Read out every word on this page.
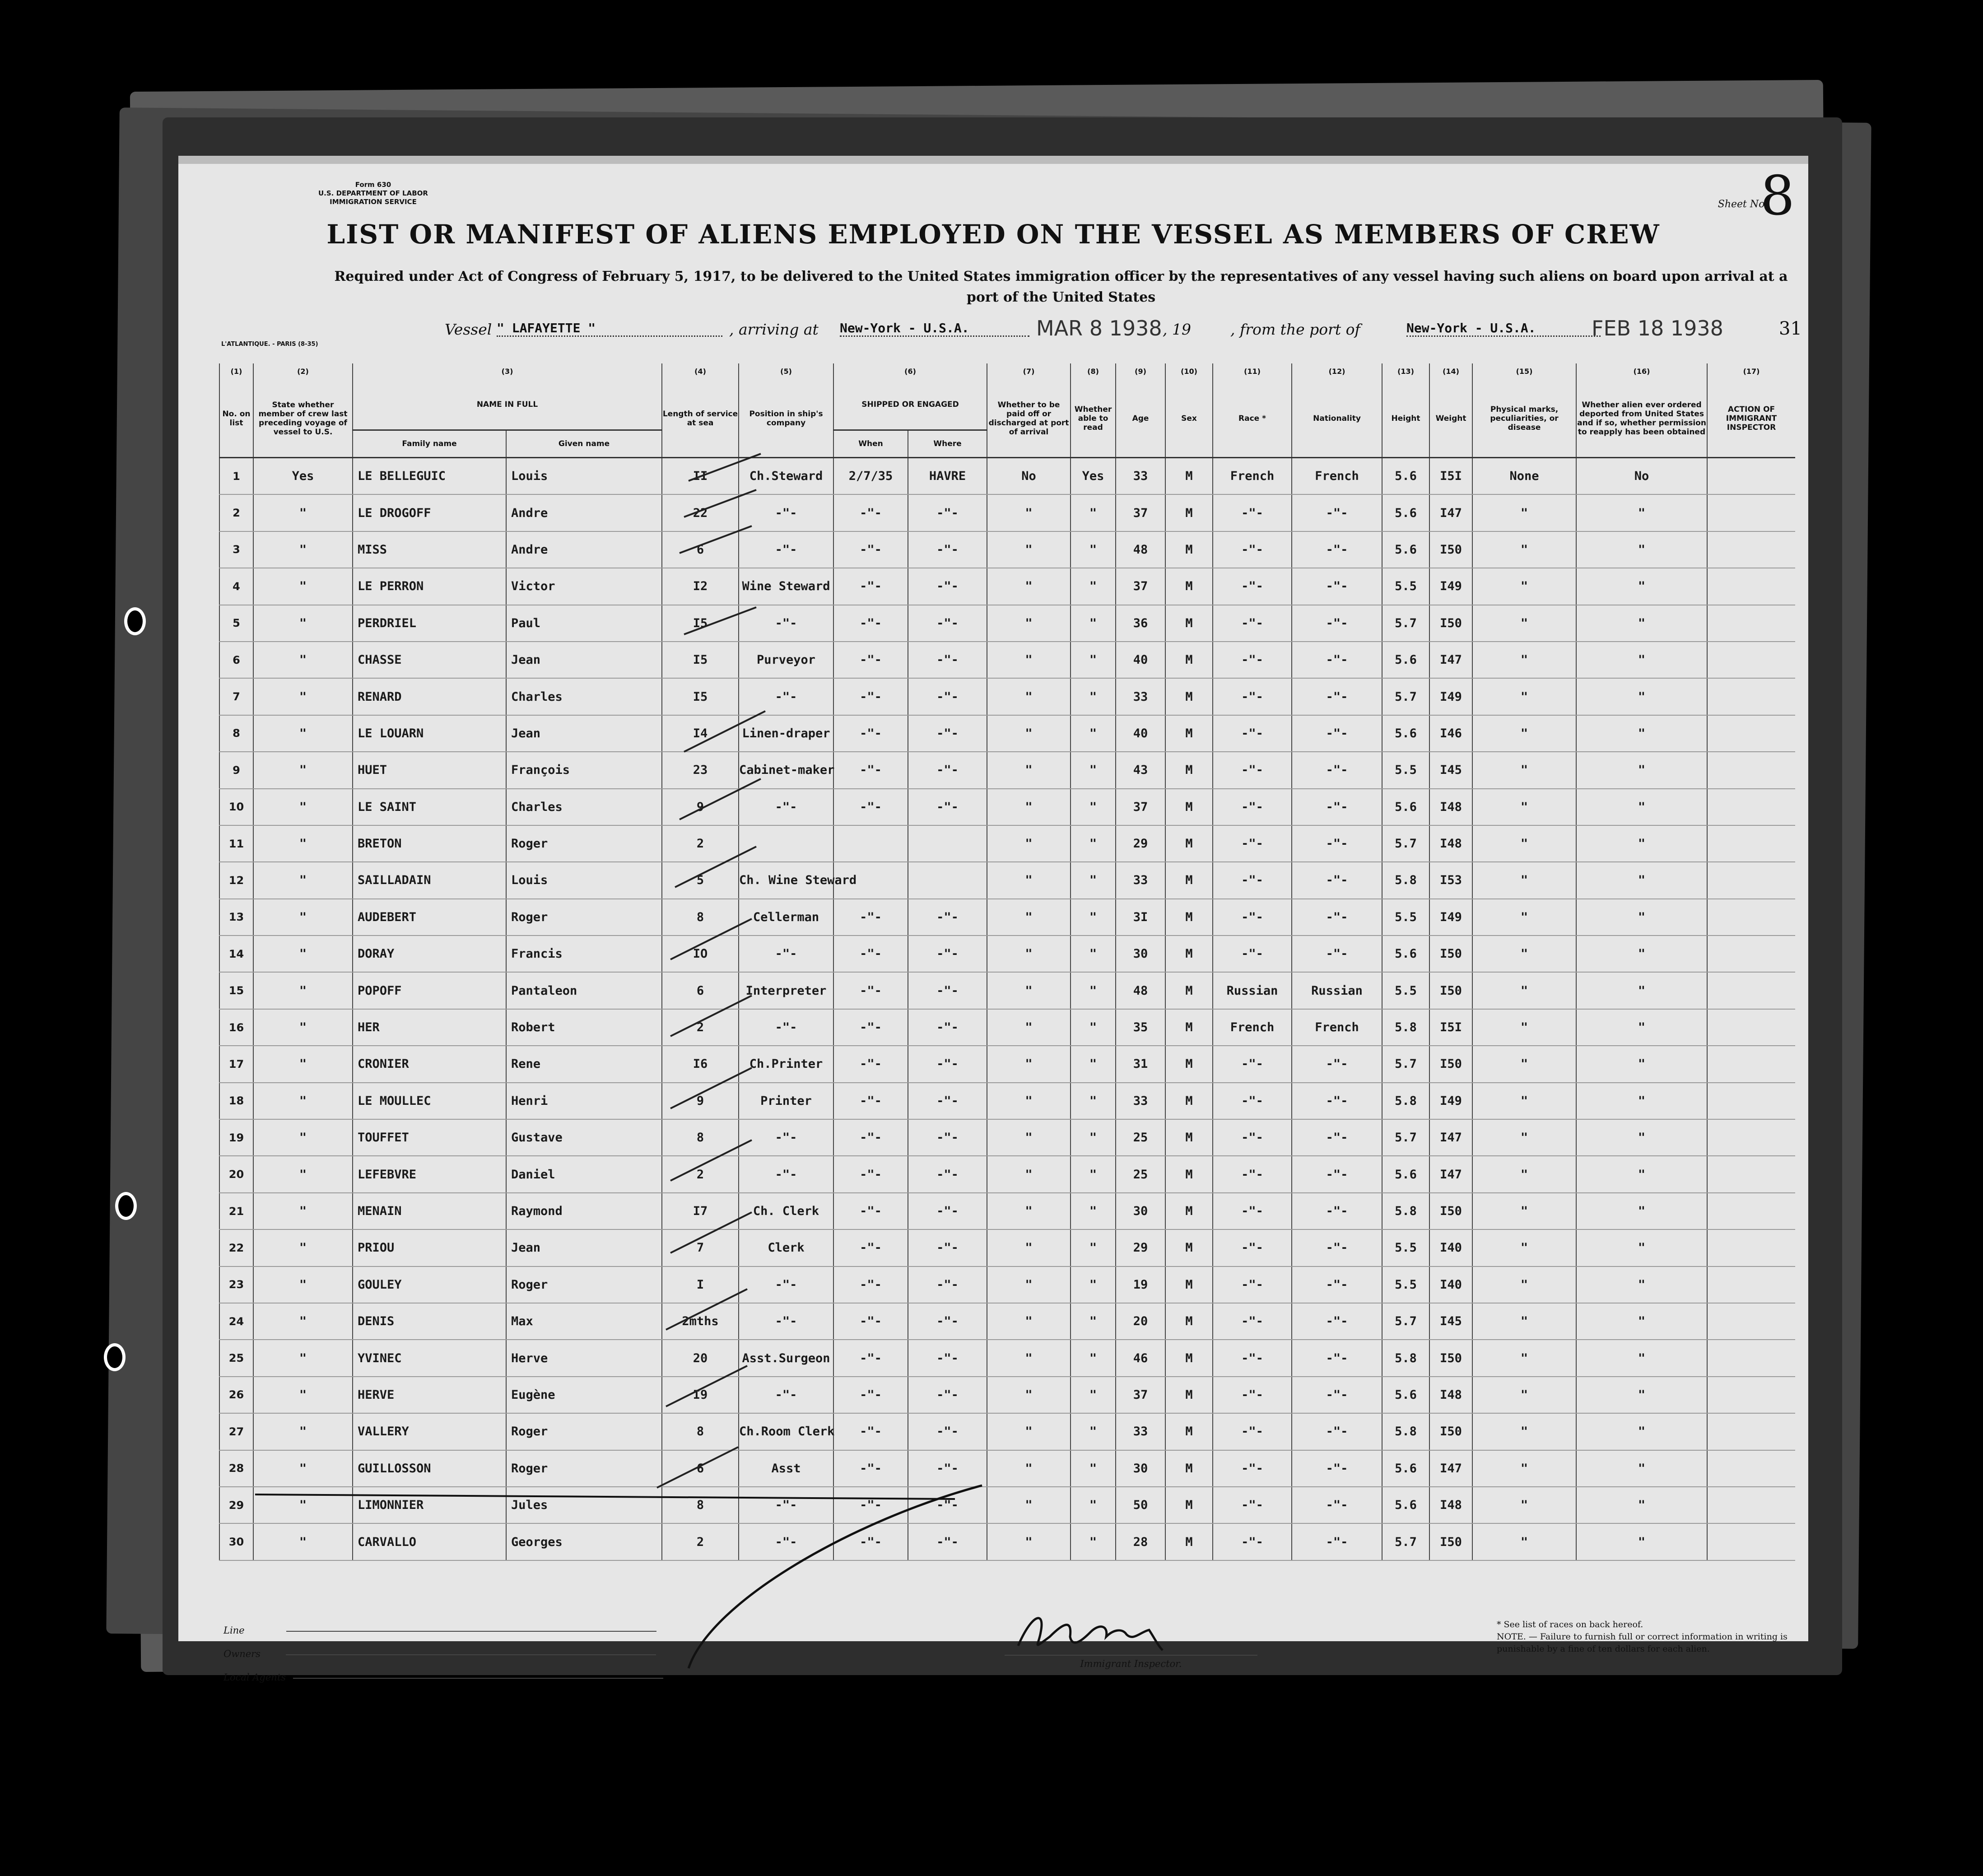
Form 630
U.S. DEPARTMENT OF LABOR
IMMIGRATION SERVICE	Sheet No.
8
LIST OR MANIFEST OF ALIENS EMPLOYED ON THE VESSEL AS MEMBERS OF CREW
Required under Act of Congress of February 5, 1917, to be delivered to the United States immigration officer by the representatives of any vessel having such aliens on board upon arrival at a port of the United States
Vessel " LAFAYETTE "	, arriving at New-York - U.S.A.	MAR 8 1938 , 19	, from the port of	New-York - U.S.A.	FEB 18 1938	31
L'ATLANTIQUE. - PARIS (8-35)
(1)	(2)	(3)		(4)	(5)	(6)		(7)	(8)	(9)	(10)	(11)	(12)	(13)	(14)	(15)	(16)	(17)
No. on list	State whether member of crew last preceding voyage of vessel to U.S.	NAME IN FULL		Length of service at sea	Position in ship's company	SHIPPED OR ENGAGED		Whether to be paid off or discharged at port of arrival	Whether able to read	Age	Sex	Race *	Nationality	Height	Weight	Physical marks, peculiarities, or disease	Whether alien ever ordered deported from United States and if so, whether permission to reapply has been obtained	ACTION OF IMMIGRANT INSPECTOR
		Family name	Given name			When	Where											
1	Yes	LE BELLEGUIC	Louis	II	Ch.Steward	2/7/35	HAVRE	No	Yes	33	M	French	French	5.6	I5I	None	No	
2	"	LE DROGOFF	Andre	22	-"-	-"-	-"-	"	"	37	M	-"-	-"-	5.6	I47	"	"	
3	"	MISS	Andre	6	-"-	-"-	-"-	"	"	48	M	-"-	-"-	5.6	I50	"	"	
4	"	LE PERRON	Victor	I2	Wine Steward	-"-	-"-	"	"	37	M	-"-	-"-	5.5	I49	"	"	
5	"	PERDRIEL	Paul	I5	-"-	-"-	-"-	"	"	36	M	-"-	-"-	5.7	I50	"	"	
6	"	CHASSE	Jean	I5	Purveyor	-"-	-"-	"	"	40	M	-"-	-"-	5.6	I47	"	"	
7	"	RENARD	Charles	I5	-"-	-"-	-"-	"	"	33	M	-"-	-"-	5.7	I49	"	"	
8	"	LE LOUARN	Jean	I4	Linen-draper	-"-	-"-	"	"	40	M	-"-	-"-	5.6	I46	"	"	
9	"	HUET	François	23	Cabinet-maker	-"-	-"-	"	"	43	M	-"-	-"-	5.5	I45	"	"	
10	"	LE SAINT	Charles	9	-"-	-"-	-"-	"	"	37	M	-"-	-"-	5.6	I48	"	"	
11	"	BRETON	Roger	2				"	"	29	M	-"-	-"-	5.7	I48	"	"	
12	"	SAILLADAIN	Louis	5	Ch. Wine Steward			"	"	33	M	-"-	-"-	5.8	I53	"	"	
13	"	AUDEBERT	Roger	8	Cellerman	-"-	-"-	"	"	3I	M	-"-	-"-	5.5	I49	"	"	
14	"	DORAY	Francis	IO	-"-	-"-	-"-	"	"	30	M	-"-	-"-	5.6	I50	"	"	
15	"	POPOFF	Pantaleon	6	Interpreter	-"-	-"-	"	"	48	M	Russian	Russian	5.5	I50	"	"	
16	"	HER	Robert	2	-"-	-"-	-"-	"	"	35	M	French	French	5.8	I5I	"	"	
17	"	CRONIER	Rene	I6	Ch.Printer	-"-	-"-	"	"	31	M	-"-	-"-	5.7	I50	"	"	
18	"	LE MOULLEC	Henri	9	Printer	-"-	-"-	"	"	33	M	-"-	-"-	5.8	I49	"	"	
19	"	TOUFFET	Gustave	8	-"-	-"-	-"-	"	"	25	M	-"-	-"-	5.7	I47	"	"	
20	"	LEFEBVRE	Daniel	2	-"-	-"-	-"-	"	"	25	M	-"-	-"-	5.6	I47	"	"	
21	"	MENAIN	Raymond	I7	Ch. Clerk	-"-	-"-	"	"	30	M	-"-	-"-	5.8	I50	"	"	
22	"	PRIOU	Jean	7	Clerk	-"-	-"-	"	"	29	M	-"-	-"-	5.5	I40	"	"	
23	"	GOULEY	Roger	I	-"-	-"-	-"-	"	"	19	M	-"-	-"-	5.5	I40	"	"	
24	"	DENIS	Max	2mths	-"-	-"-	-"-	"	"	20	M	-"-	-"-	5.7	I45	"	"	
25	"	YVINEC	Herve	20	Asst.Surgeon	-"-	-"-	"	"	46	M	-"-	-"-	5.8	I50	"	"	
26	"	HERVE	Eugène	I9	-"-	-"-	-"-	"	"	37	M	-"-	-"-	5.6	I48	"	"	
27	"	VALLERY	Roger	8	Ch.Room Clerk	-"-	-"-	"	"	33	M	-"-	-"-	5.8	I50	"	"	
28	"	GUILLOSSON	Roger	6	Asst	-"-	-"-	"	"	30	M	-"-	-"-	5.6	I47	"	"	
29	"	LIMONNIER	Jules	8	-"-	-"-	-"-	"	"	50	M	-"-	-"-	5.6	I48	"	"	
30	"	CARVALLO	Georges	2	-"-	-"-	-"-	"	"	28	M	-"-	-"-	5.7	I50	"	"	
Line
Owners
Local Agents
Immigrant Inspector.
* See list of races on back hereof.
NOTE. — Failure to furnish full or correct information in writing is punishable by a fine of ten dollars for each alien.
